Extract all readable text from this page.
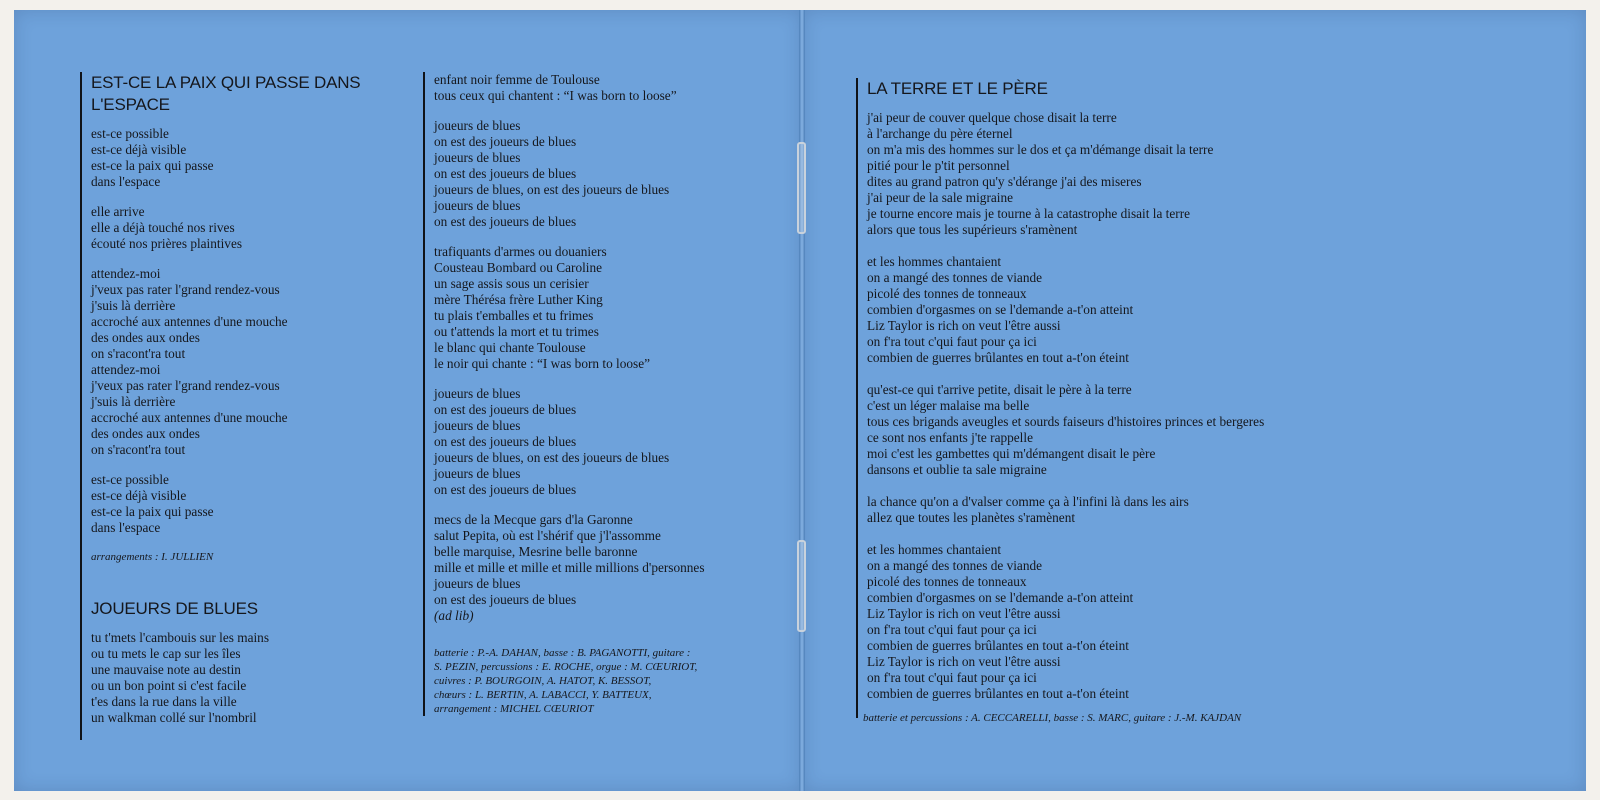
EST-CE LA PAIX QUI PASSE DANS L'ESPACE
est-ce possible
est-ce déjà visible
est-ce la paix qui passe
dans l'espace
elle arrive
elle a déjà touché nos rives
écouté nos prières plaintives
attendez-moi
j'veux pas rater l'grand rendez-vous
j'suis là derrière
accroché aux antennes d'une mouche
des ondes aux ondes
on s'racont'ra tout
attendez-moi
j'veux pas rater l'grand rendez-vous
j'suis là derrière
accroché aux antennes d'une mouche
des ondes aux ondes
on s'racont'ra tout
est-ce possible
est-ce déjà visible
est-ce la paix qui passe
dans l'espace
arrangements : I. JULLIEN
JOUEURS DE BLUES
tu t'mets l'cambouis sur les mains
ou tu mets le cap sur les îles
une mauvaise note au destin
ou un bon point si c'est facile
t'es dans la rue dans la ville
un walkman collé sur l'nombril
enfant noir femme de Toulouse
tous ceux qui chantent : “I was born to loose”
joueurs de blues
on est des joueurs de blues
joueurs de blues
on est des joueurs de blues
joueurs de blues, on est des joueurs de blues
joueurs de blues
on est des joueurs de blues
trafiquants d'armes ou douaniers
Cousteau Bombard ou Caroline
un sage assis sous un cerisier
mère Thérésa frère Luther King
tu plais t'emballes et tu frimes
ou t'attends la mort et tu trimes
le blanc qui chante Toulouse
le noir qui chante : “I was born to loose”
joueurs de blues
on est des joueurs de blues
joueurs de blues
on est des joueurs de blues
joueurs de blues, on est des joueurs de blues
joueurs de blues
on est des joueurs de blues
mecs de la Mecque gars d'la Garonne
salut Pepita, où est l'shérif que j'l'assomme
belle marquise, Mesrine belle baronne
mille et mille et mille et mille millions d'personnes
joueurs de blues
on est des joueurs de blues
(ad lib)
batterie : P.-A. DAHAN, basse : B. PAGANOTTI, guitare :
S. PEZIN, percussions : E. ROCHE, orgue : M. CŒURIOT,
cuivres : P. BOURGOIN, A. HATOT, K. BESSOT,
chœurs : L. BERTIN, A. LABACCI, Y. BATTEUX,
arrangement : MICHEL CŒURIOT
LA TERRE ET LE PÈRE
j'ai peur de couver quelque chose disait la terre
à l'archange du père éternel
on m'a mis des hommes sur le dos et ça m'démange disait la terre
pitié pour le p'tit personnel
dites au grand patron qu'y s'dérange j'ai des miseres
j'ai peur de la sale migraine
je tourne encore mais je tourne à la catastrophe disait la terre
alors que tous les supérieurs s'ramènent
et les hommes chantaient
on a mangé des tonnes de viande
picolé des tonnes de tonneaux
combien d'orgasmes on se l'demande a-t'on atteint
Liz Taylor is rich on veut l'être aussi
on f'ra tout c'qui faut pour ça ici
combien de guerres brûlantes en tout a-t'on éteint
qu'est-ce qui t'arrive petite, disait le père à la terre
c'est un léger malaise ma belle
tous ces brigands aveugles et sourds faiseurs d'histoires princes et bergeres
ce sont nos enfants j'te rappelle
moi c'est les gambettes qui m'démangent disait le père
dansons et oublie ta sale migraine
la chance qu'on a d'valser comme ça à l'infini là dans les airs
allez que toutes les planètes s'ramènent
et les hommes chantaient
on a mangé des tonnes de viande
picolé des tonnes de tonneaux
combien d'orgasmes on se l'demande a-t'on atteint
Liz Taylor is rich on veut l'être aussi
on f'ra tout c'qui faut pour ça ici
combien de guerres brûlantes en tout a-t'on éteint
Liz Taylor is rich on veut l'être aussi
on f'ra tout c'qui faut pour ça ici
combien de guerres brûlantes en tout a-t'on éteint
batterie et percussions : A. CECCARELLI, basse : S. MARC, guitare : J.-M. KAJDAN
